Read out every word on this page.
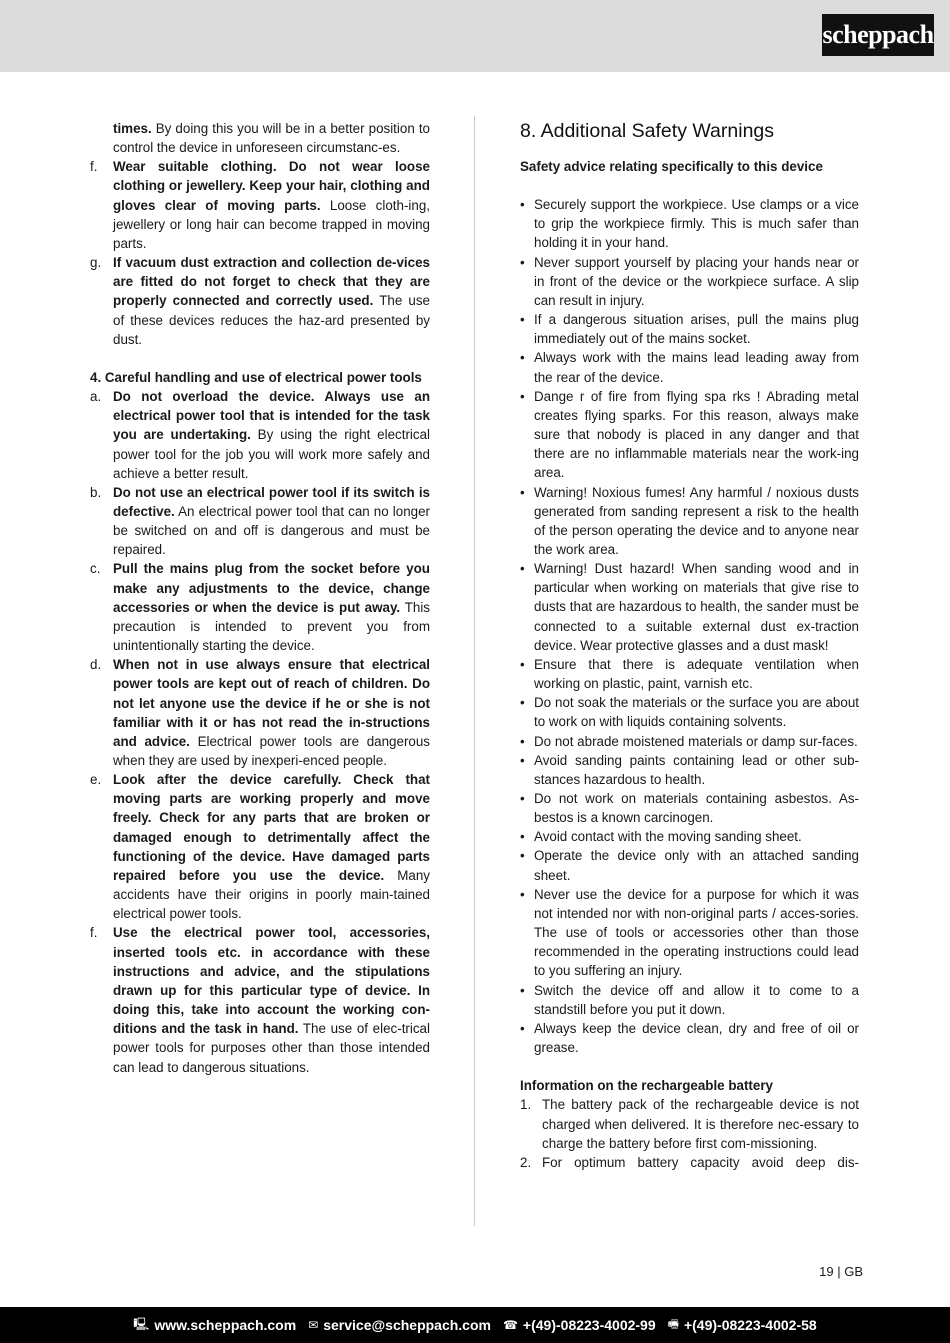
scheppach
times. By doing this you will be in a better position to control the device in unforeseen circumstanc-es.
f.	Wear suitable clothing. Do not wear loose clothing or jewellery. Keep your hair, clothing and gloves clear of moving parts. Loose cloth-ing, jewellery or long hair can become trapped in moving parts.
g. If vacuum dust extraction and collection de-vices are fitted do not forget to check that they are properly connected and correctly used. The use of these devices reduces the haz-ard presented by dust.
4. Careful handling and use of electrical power tools
a. Do not overload the device. Always use an electrical power tool that is intended for the task you are undertaking. By using the right electrical power tool for the job you will work more safely and achieve a better result.
b. Do not use an electrical power tool if its switch is defective. An electrical power tool that can no longer be switched on and off is dangerous and must be repaired.
c. Pull the mains plug from the socket before you make any adjustments to the device, change accessories or when the device is put away. This precaution is intended to prevent you from unintentionally starting the device.
d. When not in use always ensure that electrical power tools are kept out of reach of children. Do not let anyone use the device if he or she is not familiar with it or has not read the in-structions and advice. Electrical power tools are dangerous when they are used by inexperi-enced people.
e. Look after the device carefully. Check that moving parts are working properly and move freely. Check for any parts that are broken or damaged enough to detrimentally affect the functioning of the device. Have damaged parts repaired before you use the device. Many accidents have their origins in poorly main-tained electrical power tools.
f.	Use the electrical power tool, accessories, inserted tools etc. in accordance with these instructions and advice, and the stipulations drawn up for this particular type of device. In doing this, take into account the working con-ditions and the task in hand. The use of elec-trical power tools for purposes other than those intended can lead to dangerous situations.
8. Additional Safety Warnings
Safety advice relating specifically to this device
• Securely support the workpiece. Use clamps or a vice to grip the workpiece firmly. This is much safer than holding it in your hand.
• Never support yourself by placing your hands near or in front of the device or the workpiece surface. A slip can result in injury.
• If a dangerous situation arises, pull the mains plug immediately out of the mains socket.
• Always work with the mains lead leading away from the rear of the device.
• Dange r of fire from flying spa rks ! Abrading metal creates flying sparks. For this reason, always make sure that nobody is placed in any danger and that there are no inflammable materials near the work-ing area.
• Warning! Noxious fumes! Any harmful / noxious dusts generated from sanding represent a risk to the health of the person operating the device and to anyone near the work area.
• Warning! Dust hazard! When sanding wood and in particular when working on materials that give rise to dusts that are hazardous to health, the sander must be connected to a suitable external dust ex-traction device. Wear protective glasses and a dust mask!
• Ensure that there is adequate ventilation when working on plastic, paint, varnish etc.
• Do not soak the materials or the surface you are about to work on with liquids containing solvents.
• Do not abrade moistened materials or damp sur-faces.
• Avoid sanding paints containing lead or other sub-stances hazardous to health.
• Do not work on materials containing asbestos. As-bestos is a known carcinogen.
• Avoid contact with the moving sanding sheet.
• Operate the device only with an attached sanding sheet.
• Never use the device for a purpose for which it was not intended nor with non-original parts / acces-sories. The use of tools or accessories other than those recommended in the operating instructions could lead to you suffering an injury.
• Switch the device off and allow it to come to a standstill before you put it down.
• Always keep the device clean, dry and free of oil or grease.
Information on the rechargeable battery
1. The battery pack of the rechargeable device is not charged when delivered. It is therefore nec-essary to charge the battery before first com-missioning.
2. For optimum battery capacity avoid deep dis-
19 | GB
🖳 www.scheppach.com ✉ service@scheppach.com ☎ +(49)-08223-4002-99 🖷 +(49)-08223-4002-58
